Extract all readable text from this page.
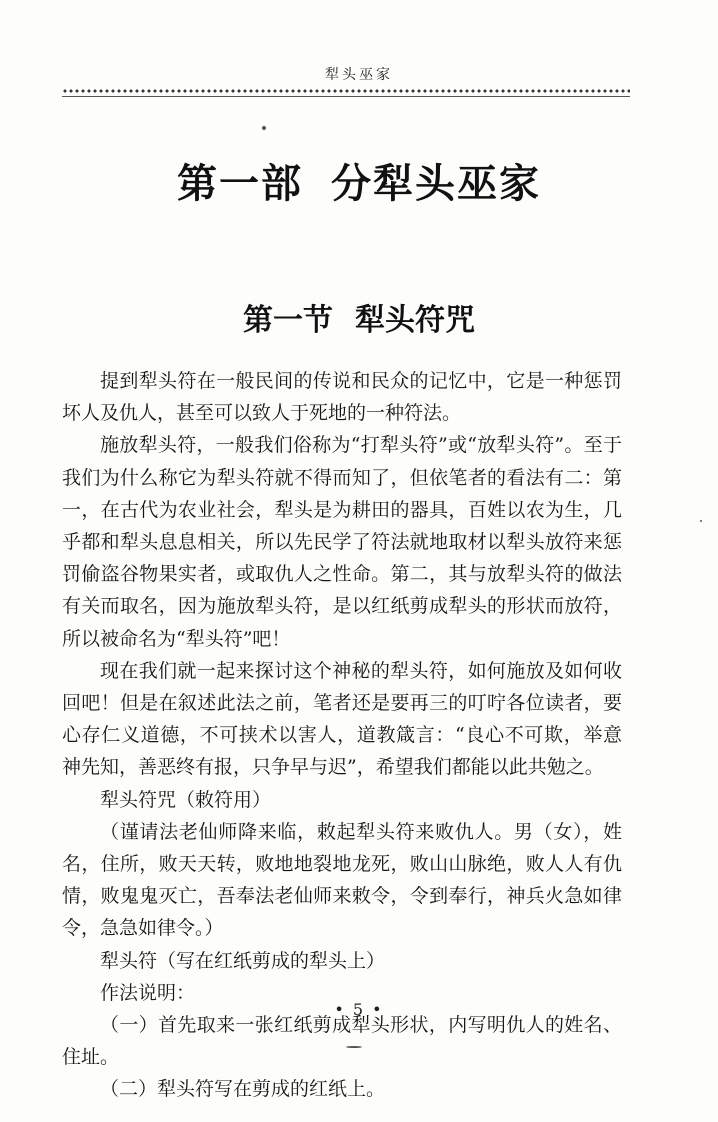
犁头巫家
第一部 分犁头巫家
第一节 犁头符咒

提到犁头符在一般民间的传说和民众的记忆中，它是一种惩罚坏人及仇人，甚至可以致人于死地的一种符法。

施放犁头符，一般我们俗称为“打犁头符”或“放犁头符”。至于我们为什么称它为犁头符就不得而知了，但依笔者的看法有二：第一，在古代为农业社会，犁头是为耕田的器具，百姓以农为生，几乎都和犁头息息相关，所以先民学了符法就地取材以犁头放符来惩罚偷盗谷物果实者，或取仇人之性命。第二，其与放犁头符的做法有关而取名，因为施放犁头符，是以红纸剪成犁头的形状而放符，所以被命名为“犁头符”吧！

现在我们就一起来探讨这个神秘的犁头符，如何施放及如何收回吧！但是在叙述此法之前，笔者还是要再三的叮咛各位读者，要心存仁义道德，不可挟术以害人，道教箴言：“良心不可欺，举意神先知，善恶终有报，只争早与迟”，希望我们都能以此共勉之。

犁头符咒（敕符用）

（谨请法老仙师降来临，敕起犁头符来败仇人。男（女），姓名，住所，败天天转，败地地裂地龙死，败山山脉绝，败人人有仇情，败鬼鬼灭亡，吾奉法老仙师来敕令，令到奉行，神兵火急如律令，急急如律令。）

犁头符（写在红纸剪成的犁头上）

作法说明：

（一）首先取来一张红纸剪成犁头形状，内写明仇人的姓名、住址。

（二）犁头符写在剪成的红纸上。

• 5 •
